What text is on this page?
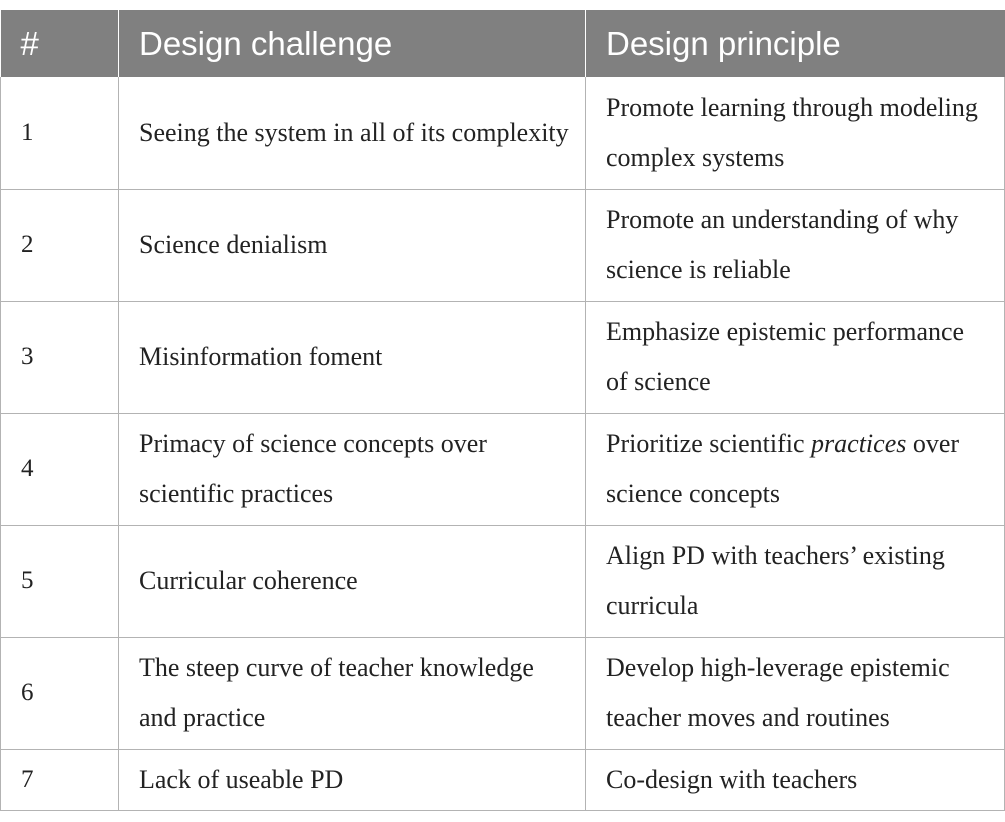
#	Design challenge	Design principle
1	Seeing the system in all of its complexity	Promote learning through modeling complex systems
2	Science denialism	Promote an understanding of why science is reliable
3	Misinformation foment	Emphasize epistemic performance of science
4	Primacy of science concepts over scientific practices	Prioritize scientific practices over science concepts
5	Curricular coherence	Align PD with teachers’ existing curricula
6	The steep curve of teacher knowledge and practice	Develop high-leverage epistemic teacher moves and routines
7	Lack of useable PD	Co-design with teachers
